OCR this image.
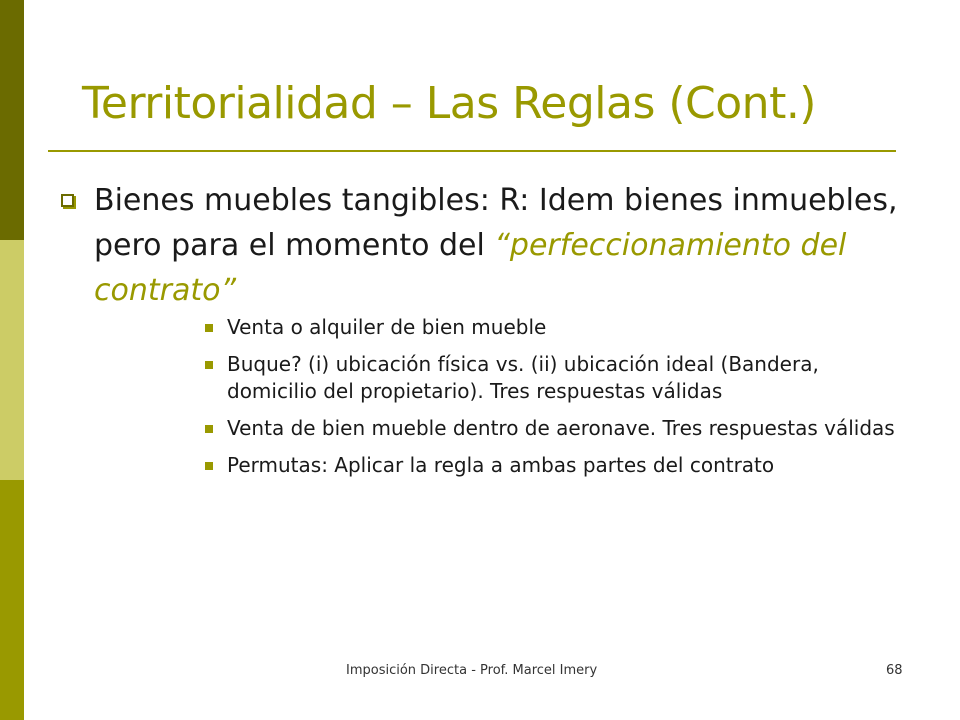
Territorialidad – Las Reglas (Cont.)
Bienes muebles tangibles: R: Idem bienes inmuebles, pero para el momento del “perfeccionamiento del contrato”
Venta o alquiler de bien mueble
Buque? (i) ubicación física vs. (ii) ubicación ideal (Bandera, domicilio del propietario). Tres respuestas válidas
Venta de bien mueble dentro de aeronave. Tres respuestas válidas
Permutas: Aplicar la regla a ambas partes del contrato
Imposición Directa - Prof. Marcel Imery	68
